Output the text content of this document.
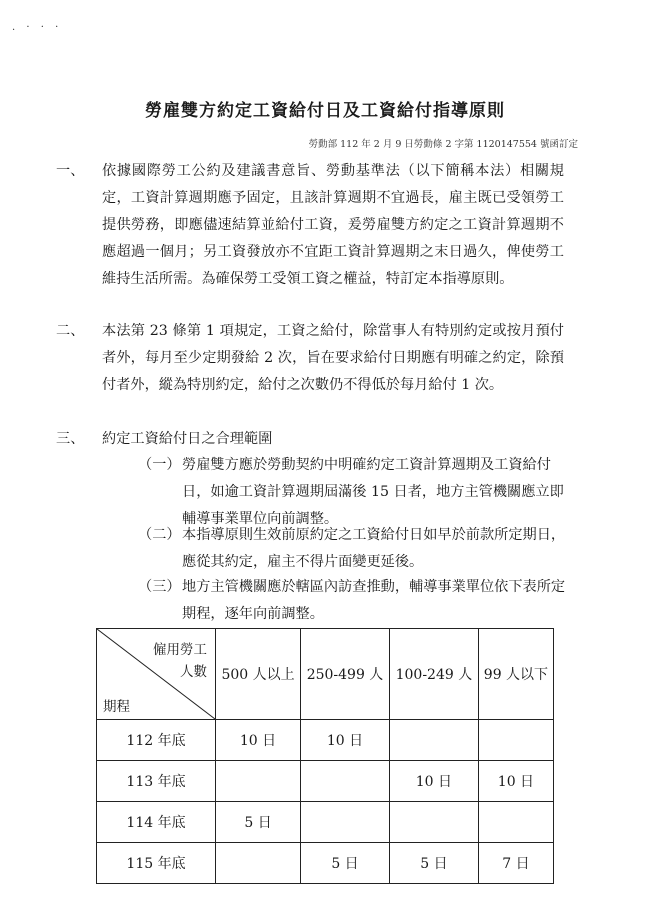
. · · ·
勞雇雙方約定工資給付日及工資給付指導原則
勞動部 112 年 2 月 9 日勞動條 2 字第 1120147554 號函訂定
一、 依據國際勞工公約及建議書意旨、勞動基準法（以下簡稱本法）相關規定，工資計算週期應予固定，且該計算週期不宜過長，雇主既已受領勞工提供勞務，即應儘速結算並給付工資，爰勞雇雙方約定之工資計算週期不應超過一個月；另工資發放亦不宜距工資計算週期之末日過久，俾使勞工維持生活所需。為確保勞工受領工資之權益，特訂定本指導原則。

二、 本法第 23 條第 1 項規定，工資之給付，除當事人有特別約定或按月預付者外，每月至少定期發給 2 次，旨在要求給付日期應有明確之約定，除預付者外，縱為特別約定，給付之次數仍不得低於每月給付 1 次。

三、 約定工資給付日之合理範圍

（一） 勞雇雙方應於勞動契約中明確約定工資計算週期及工資給付日，如逾工資計算週期屆滿後 15 日者，地方主管機關應立即輔導事業單位向前調整。

（二） 本指導原則生效前原約定之工資給付日如早於前款所定期日，應從其約定，雇主不得片面變更延後。

（三） 地方主管機關應於轄區內訪查推動，輔導事業單位依下表所定期程，逐年向前調整。

僱用勞工
人數
期程	500 人以上	250-499 人	100-249 人	99 人以下
112 年底	10 日	10 日		
113 年底			10 日	10 日
114 年底	5 日			
115 年底		5 日	5 日	7 日
